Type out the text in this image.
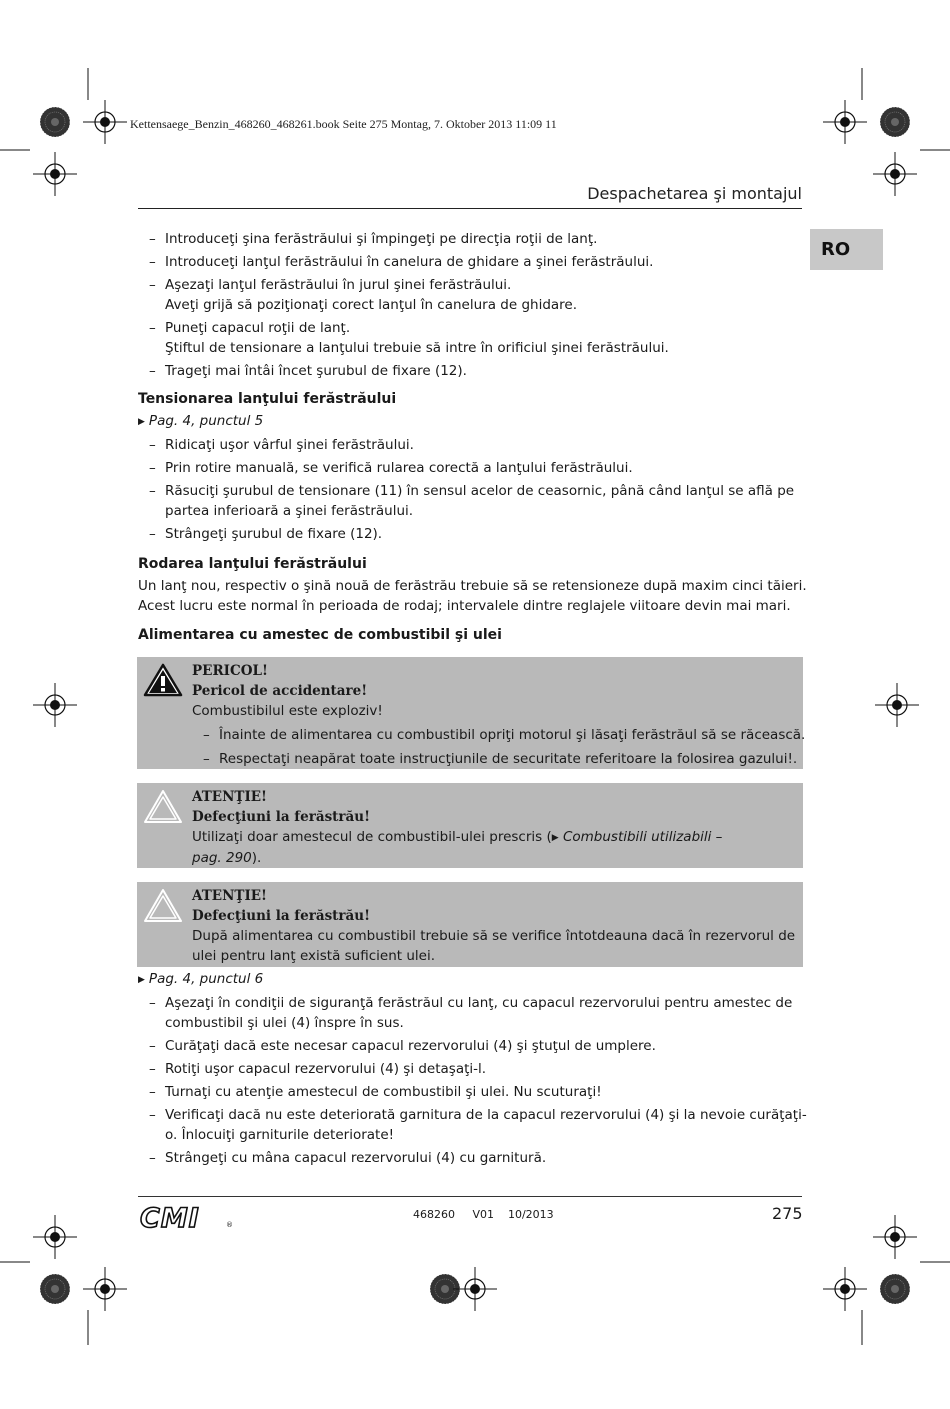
Kettensaege_Benzin_468260_468261.book Seite 275 Montag, 7. Oktober 2013 11:09 11
Despachetarea şi montajul
RO
– Introduceţi şina ferăstrăului şi împingeţi pe direcţia roţii de lanţ.
– Introduceţi lanţul ferăstrăului în canelura de ghidare a şinei ferăstrăului.
– Aşezaţi lanţul ferăstrăului în jurul şinei ferăstrăului.
Aveţi grijă să poziţionaţi corect lanţul în canelura de ghidare.
– Puneţi capacul roţii de lanţ.
Ştiftul de tensionare a lanţului trebuie să intre în orificiul şinei ferăstrăului.
– Trageţi mai întâi încet şurubul de fixare (12).
Tensionarea lanţului ferăstrăului
▶ Pag. 4, punctul 5
– Ridicaţi uşor vârful şinei ferăstrăului.
– Prin rotire manuală, se verifică rularea corectă a lanţului ferăstrăului.
– Răsuciţi şurubul de tensionare (11) în sensul acelor de ceasornic, până când lanţul se află pe
partea inferioară a şinei ferăstrăului.
– Strângeţi şurubul de fixare (12).
Rodarea lanţului ferăstrăului
Un lanţ nou, respectiv o şină nouă de ferăstrău trebuie să se retensioneze după maxim cinci tăieri.
Acest lucru este normal în perioada de rodaj; intervalele dintre reglajele viitoare devin mai mari.
Alimentarea cu amestec de combustibil şi ulei
PERICOL!
Pericol de accidentare!
Combustibilul este exploziv!
– Înainte de alimentarea cu combustibil opriţi motorul şi lăsaţi ferăstrăul să se răcească.
– Respectaţi neapărat toate instrucţiunile de securitate referitoare la folosirea gazului!.
ATENŢIE!
Defecţiuni la ferăstrău!
Utilizaţi doar amestecul de combustibil-ulei prescris (▶ Combustibili utilizabili –
pag. 290).
ATENŢIE!
Defecţiuni la ferăstrău!
După alimentarea cu combustibil trebuie să se verifice întotdeauna dacă în rezervorul de
ulei pentru lanţ există suficient ulei.
▶ Pag. 4, punctul 6
– Aşezaţi în condiţii de siguranţă ferăstrăul cu lanţ, cu capacul rezervorului pentru amestec de
combustibil şi ulei (4) înspre în sus.
– Curăţaţi dacă este necesar capacul rezervorului (4) şi ştuţul de umplere.
– Rotiţi uşor capacul rezervorului (4) şi detaşaţi-l.
– Turnaţi cu atenţie amestecul de combustibil şi ulei. Nu scuturaţi!
– Verificaţi dacă nu este deteriorată garnitura de la capacul rezervorului (4) şi la nevoie curăţaţi-
o. Înlocuiţi garniturile deteriorate!
– Strângeţi cu mâna capacul rezervorului (4) cu garnitură.
CMI	®
468260     V01    10/2013	275
